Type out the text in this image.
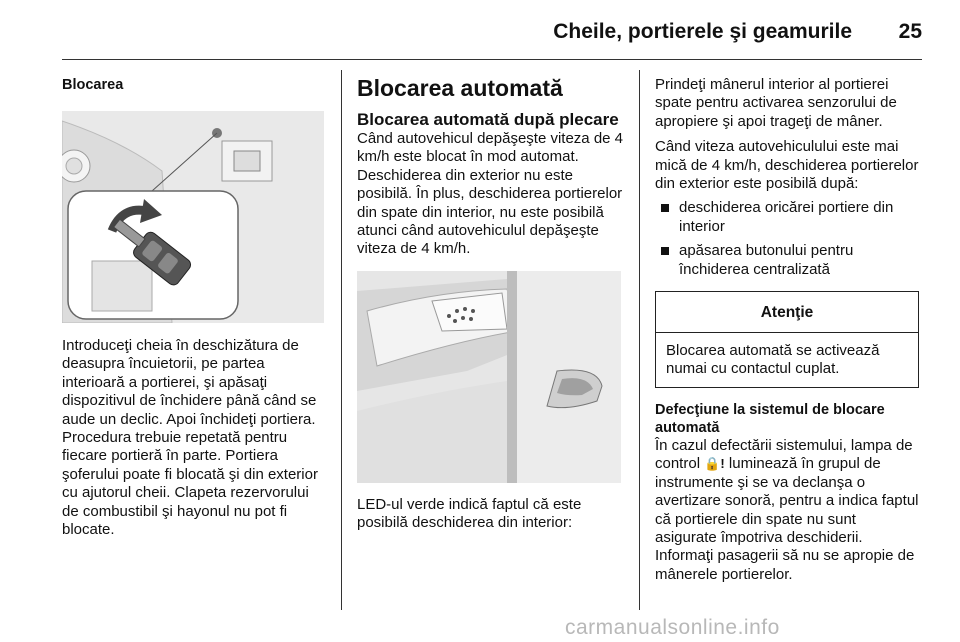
Cheile, portierele şi geamurile 25
Blocarea
Introduceţi cheia în deschizătura de deasupra încuietorii, pe partea interioară a portierei, şi apăsaţi dispozitivul de închidere până când se aude un declic. Apoi închideţi portiera. Procedura trebuie repetată pentru fiecare portieră în parte. Portiera şoferului poate fi blocată şi din exterior cu ajutorul cheii. Clapeta rezervorului de combustibil şi hayonul nu pot fi blocate.
Blocarea automată
Blocarea automată după plecare
Când autovehicul depăşeşte viteza de 4 km/h este blocat în mod automat. Deschiderea din exterior nu este posibilă. În plus, deschiderea portierelor din spate din interior, nu este posibilă atunci când autovehiculul depăşeşte viteza de 4 km/h.
LED-ul verde indică faptul că este posibilă deschiderea din interior:
Prindeţi mânerul interior al portierei spate pentru activarea senzorului de apropiere şi apoi trageţi de mâner.
Când viteza autovehiculului este mai mică de 4 km/h, deschiderea portierelor din exterior este posibilă după:
deschiderea oricărei portiere din interior
apăsarea butonului pentru închiderea centralizată
Atenţie
Blocarea automată se activează numai cu contactul cuplat.
Defecţiune la sistemul de blocare automată
În cazul defectării sistemului, lampa de control 🔒! luminează în grupul de instrumente şi se va declanşa o avertizare sonoră, pentru a indica faptul că portierele din spate nu sunt asigurate împotriva deschiderii. Informaţi pasagerii să nu se apropie de mânerele portierelor.
carmanualsonline.info
